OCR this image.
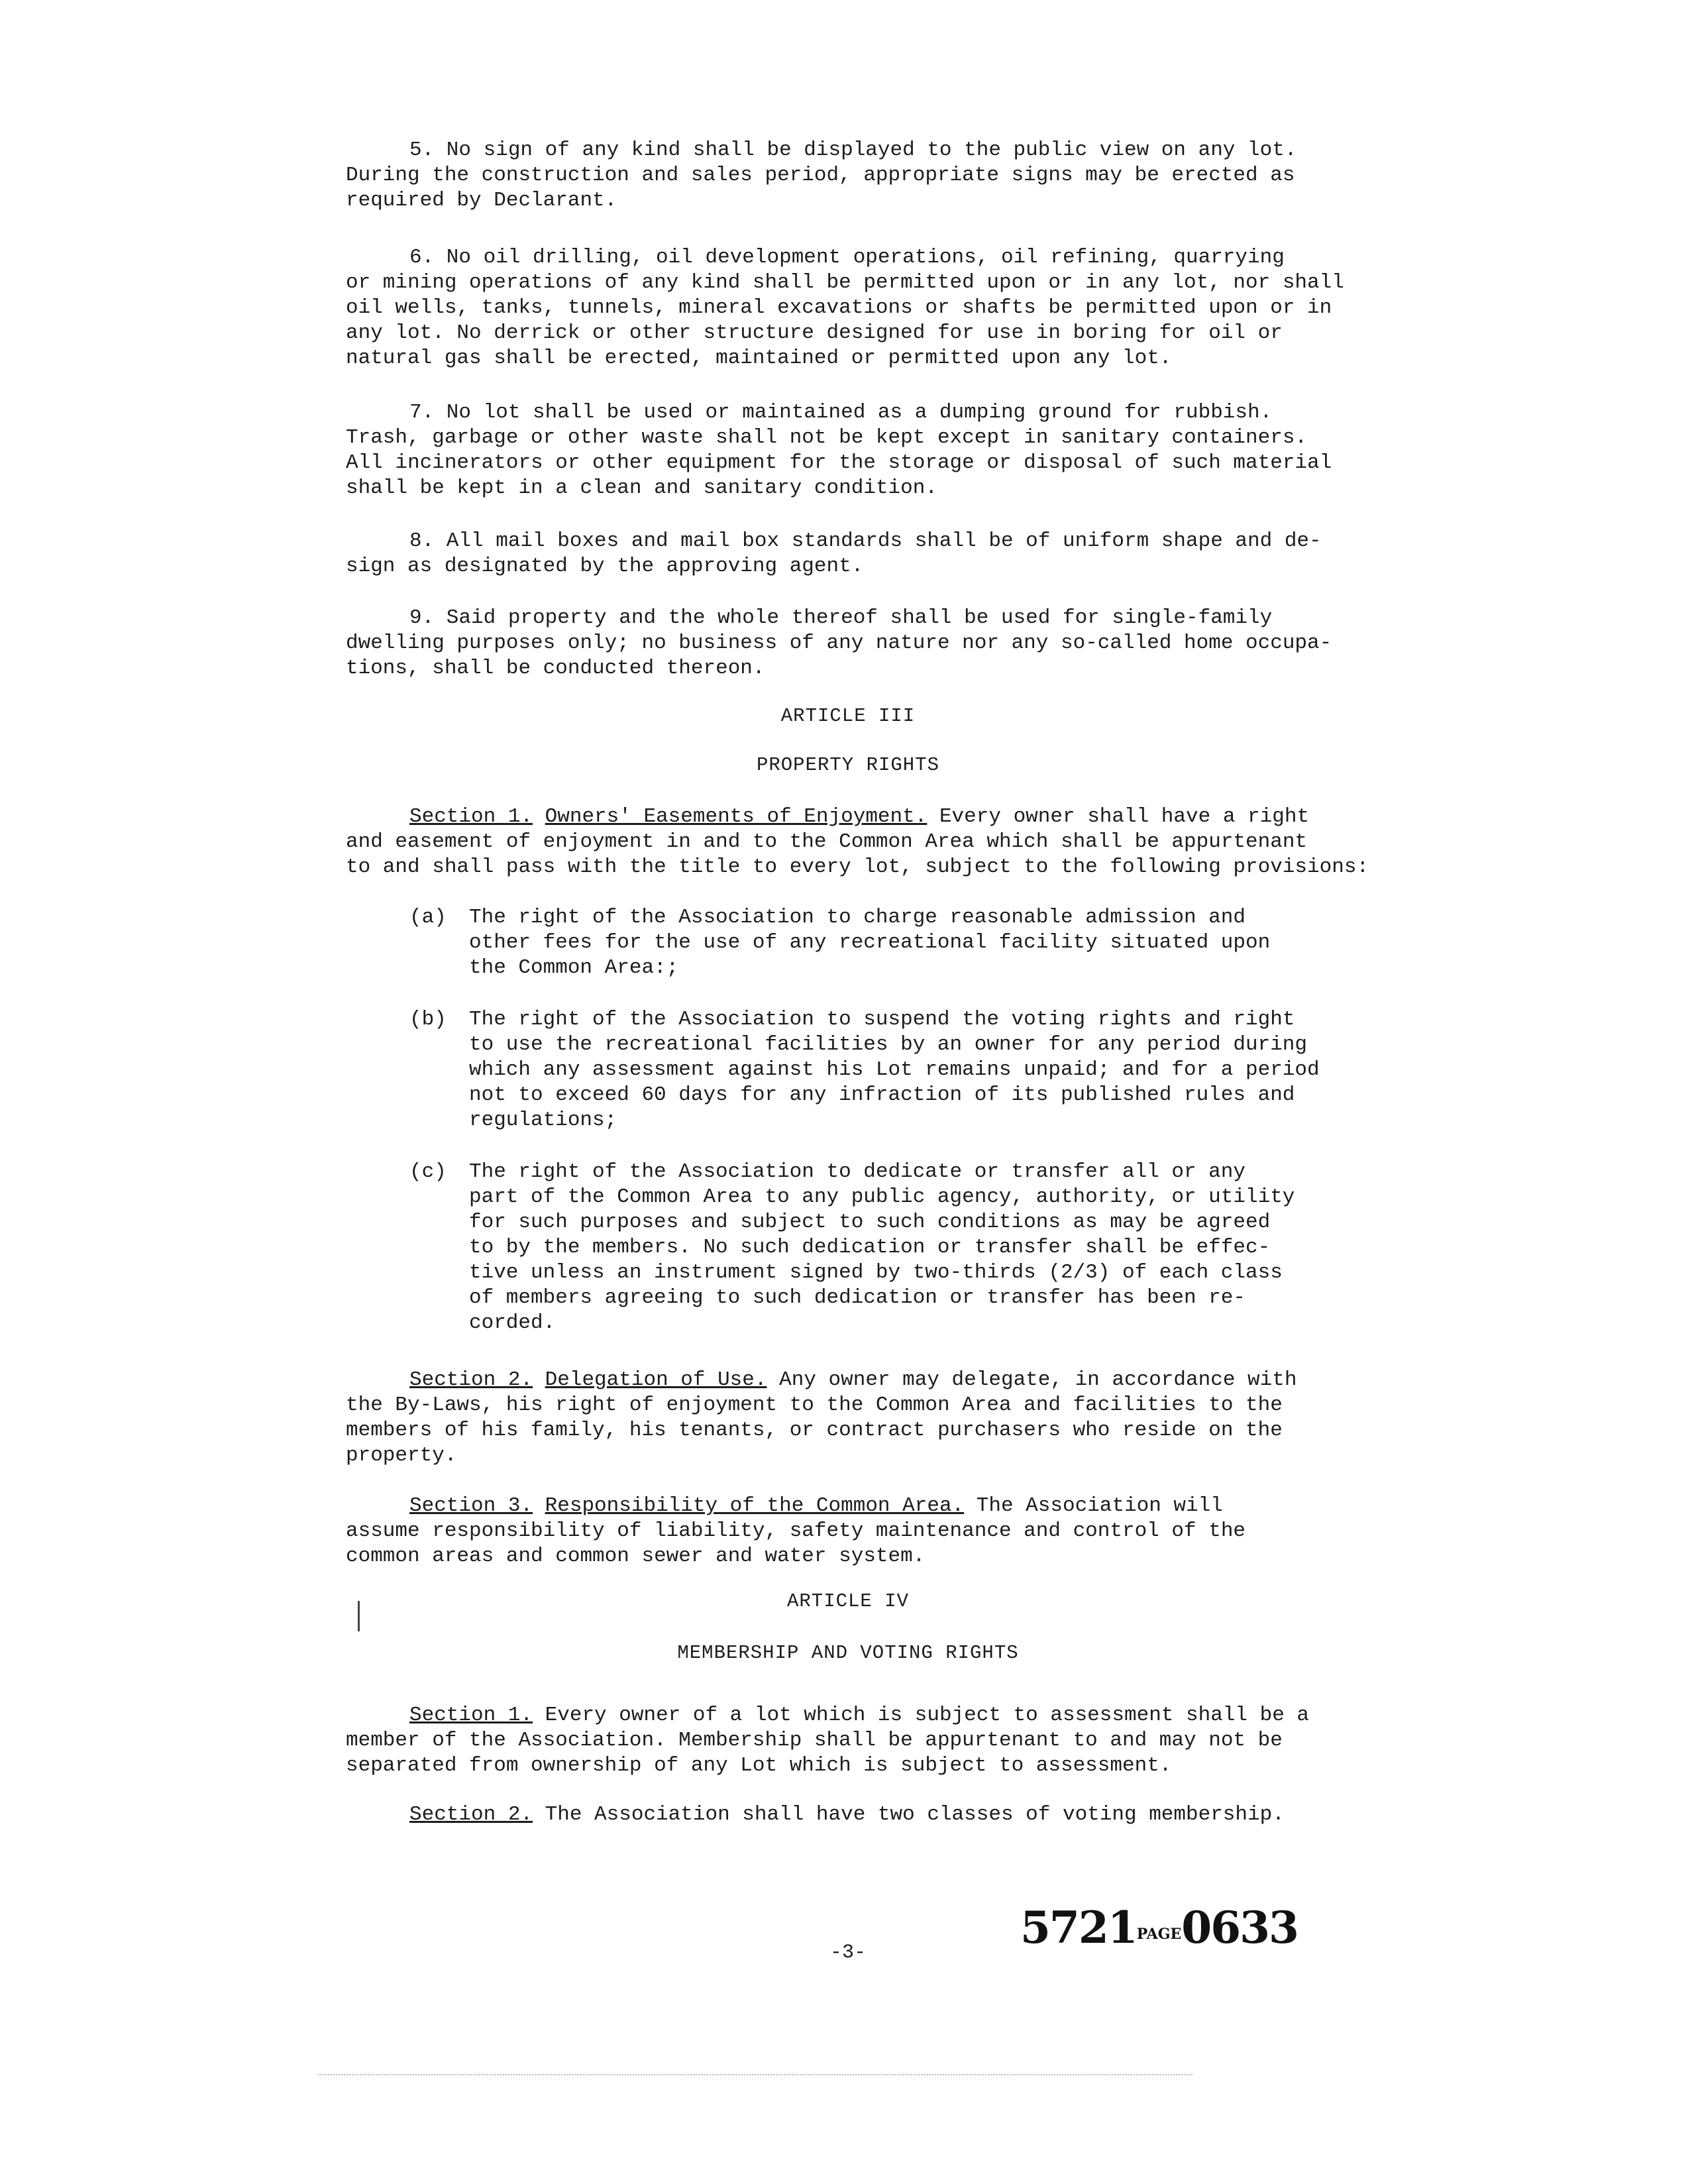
5. No sign of any kind shall be displayed to the public view on any lot.
During the construction and sales period, appropriate signs may be erected as
required by Declarant.
6. No oil drilling, oil development operations, oil refining, quarrying
or mining operations of any kind shall be permitted upon or in any lot, nor shall
oil wells, tanks, tunnels, mineral excavations or shafts be permitted upon or in
any lot. No derrick or other structure designed for use in boring for oil or
natural gas shall be erected, maintained or permitted upon any lot.
7. No lot shall be used or maintained as a dumping ground for rubbish.
Trash, garbage or other waste shall not be kept except in sanitary containers.
All incinerators or other equipment for the storage or disposal of such material
shall be kept in a clean and sanitary condition.
8. All mail boxes and mail box standards shall be of uniform shape and de-
sign as designated by the approving agent.
9. Said property and the whole thereof shall be used for single-family
dwelling purposes only; no business of any nature nor any so-called home occupa-
tions, shall be conducted thereon.
ARTICLE III
PROPERTY RIGHTS
Section 1. Owners' Easements of Enjoyment. Every owner shall have a right
and easement of enjoyment in and to the Common Area which shall be appurtenant
to and shall pass with the title to every lot, subject to the following provisions:
(a) The right of the Association to charge reasonable admission and
other fees for the use of any recreational facility situated upon
the Common Area:;
(b) The right of the Association to suspend the voting rights and right
to use the recreational facilities by an owner for any period during
which any assessment against his Lot remains unpaid; and for a period
not to exceed 60 days for any infraction of its published rules and
regulations;
(c) The right of the Association to dedicate or transfer all or any
part of the Common Area to any public agency, authority, or utility
for such purposes and subject to such conditions as may be agreed
to by the members. No such dedication or transfer shall be effec-
tive unless an instrument signed by two-thirds (2/3) of each class
of members agreeing to such dedication or transfer has been re-
corded.
Section 2. Delegation of Use. Any owner may delegate, in accordance with
the By-Laws, his right of enjoyment to the Common Area and facilities to the
members of his family, his tenants, or contract purchasers who reside on the
property.
Section 3. Responsibility of the Common Area. The Association will
assume responsibility of liability, safety maintenance and control of the
common areas and common sewer and water system.
ARTICLE IV
MEMBERSHIP AND VOTING RIGHTS
Section 1. Every owner of a lot which is subject to assessment shall be a
member of the Association. Membership shall be appurtenant to and may not be
separated from ownership of any Lot which is subject to assessment.
Section 2. The Association shall have two classes of voting membership.
5721PAGE0633
-3-
